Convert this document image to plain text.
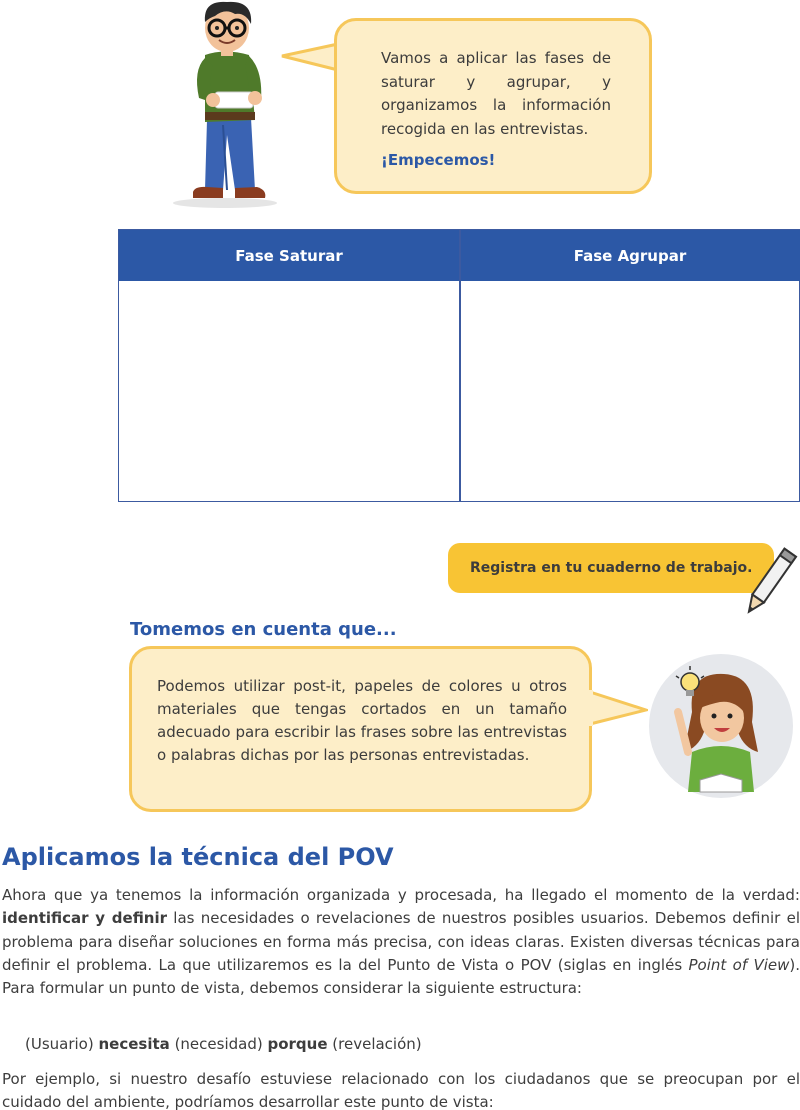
Vamos a aplicar las fases de saturar y agrupar, y organizamos la información recogida en las entrevistas.
¡Empecemos!
Fase Saturar	Fase Agrupar
Registra en tu cuaderno de trabajo.
Tomemos en cuenta que...
Podemos utilizar post-it, papeles de colores u otros materiales que tengas cortados en un tamaño adecuado para escribir las frases sobre las entrevistas o palabras dichas por las personas entrevistadas.
Aplicamos la técnica del POV
Ahora que ya tenemos la información organizada y procesada, ha llegado el momento de la verdad: identificar y definir las necesidades o revelaciones de nuestros posibles usuarios. Debemos definir el problema para diseñar soluciones en forma más precisa, con ideas claras. Existen diversas técnicas para definir el problema. La que utilizaremos es la del Punto de Vista o POV (siglas en inglés Point of View). Para formular un punto de vista, debemos considerar la siguiente estructura:
(Usuario) necesita (necesidad) porque (revelación)
Por ejemplo, si nuestro desafío estuviese relacionado con los ciudadanos que se preocupan por el cuidado del ambiente, podríamos desarrollar este punto de vista:
